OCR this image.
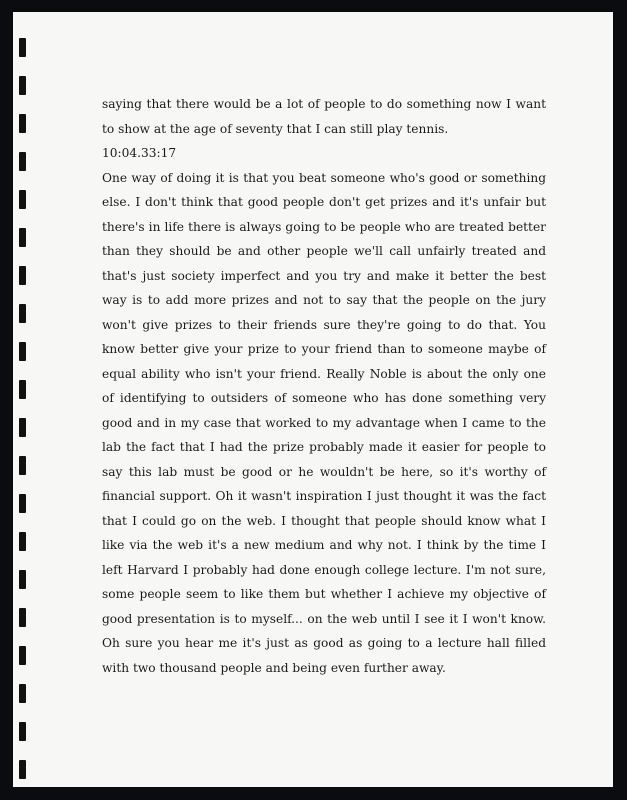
saying that there would be a lot of people to do something now I want to show at the age of seventy that I can still play tennis.

10:04.33:17

One way of doing it is that you beat someone who's good or something else. I don't think that good people don't get prizes and it's unfair but there's in life there is always going to be people who are treated better than they should be and other people we'll call unfairly treated and that's just society imperfect and you try and make it better the best way is to add more prizes and not to say that the people on the jury won't give prizes to their friends sure they're going to do that. You know better give your prize to your friend than to someone maybe of equal ability who isn't your friend. Really Noble is about the only one of identifying to outsiders of someone who has done something very good and in my case that worked to my advantage when I came to the lab the fact that I had the prize probably made it easier for people to say this lab must be good or he wouldn't be here, so it's worthy of financial support. Oh it wasn't inspiration I just thought it was the fact that I could go on the web. I thought that people should know what I like via the web it's a new medium and why not. I think by the time I left Harvard I probably had done enough college lecture. I'm not sure, some people seem to like them but whether I achieve my objective of good presentation is to myself... on the web until I see it I won't know. Oh sure you hear me it's just as good as going to a lecture hall filled with two thousand people and being even further away.
